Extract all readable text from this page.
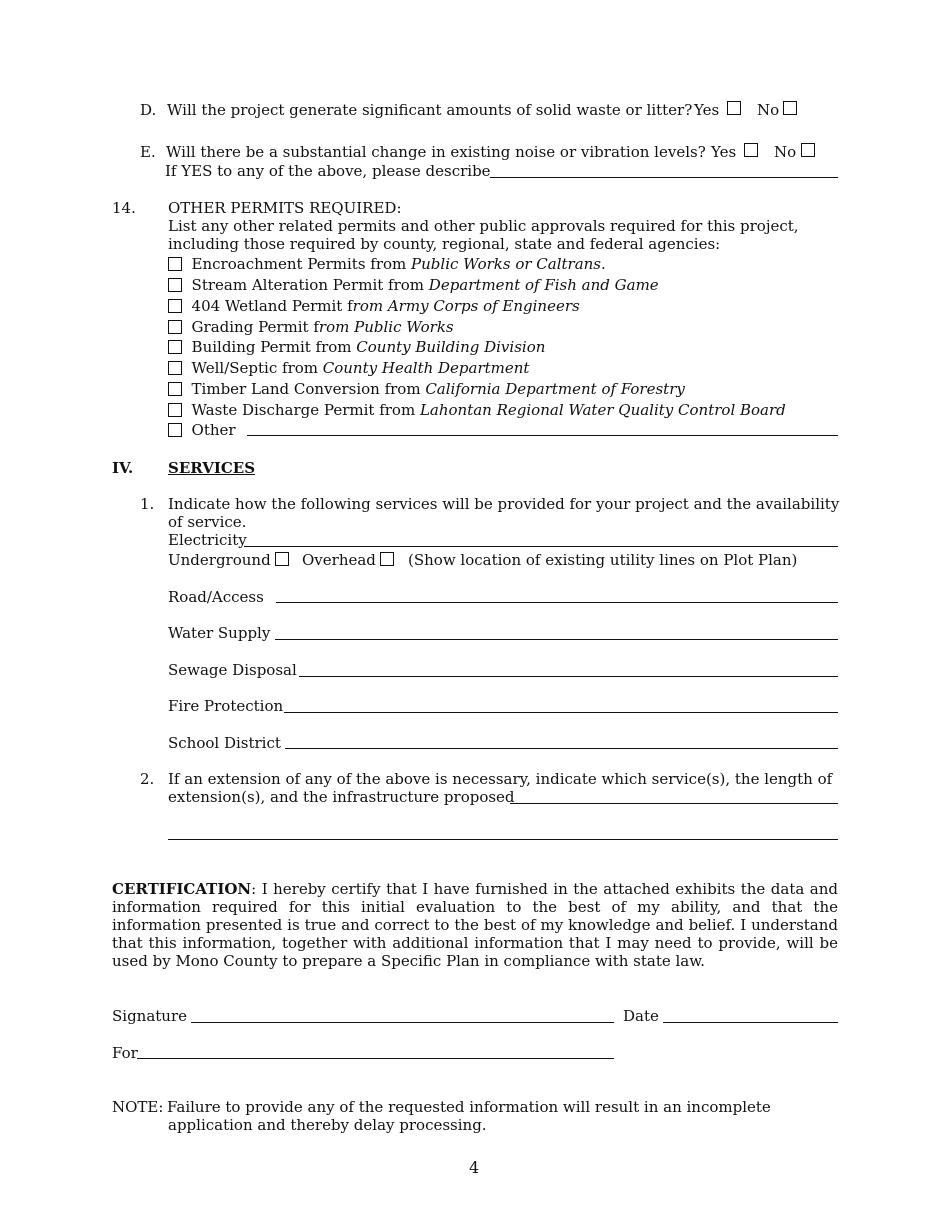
D. Will the project generate significant amounts of solid waste or litter? Yes	No
E. Will there be a substantial change in existing noise or vibration levels? Yes	No
If YES to any of the above, please describe
14. OTHER PERMITS REQUIRED:
List any other related permits and other public approvals required for this project,
including those required by county, regional, state and federal agencies:
Encroachment Permits from Public Works or Caltrans.
Stream Alteration Permit from Department of Fish and Game
404 Wetland Permit from Army Corps of Engineers
Grading Permit from Public Works
Building Permit from County Building Division
Well/Septic from County Health Department
Timber Land Conversion from California Department of Forestry
Waste Discharge Permit from Lahontan Regional Water Quality Control Board
Other
IV. SERVICES
1. Indicate how the following services will be provided for your project and the availability
of service.
Electricity
Underground Overhead (Show location of existing utility lines on Plot Plan)
Road/Access
Water Supply
Sewage Disposal
Fire Protection
School District
2. If an extension of any of the above is necessary, indicate which service(s), the length of
extension(s), and the infrastructure proposed
CERTIFICATION: I hereby certify that I have furnished in the attached exhibits the data and information required for this initial evaluation to the best of my ability, and that the information presented is true and correct to the best of my knowledge and belief. I understand that this information, together with additional information that I may need to provide, will be used by Mono County to prepare a Specific Plan in compliance with state law.
Signature	Date
For
NOTE: Failure to provide any of the requested information will result in an incomplete
application and thereby delay processing.
4
